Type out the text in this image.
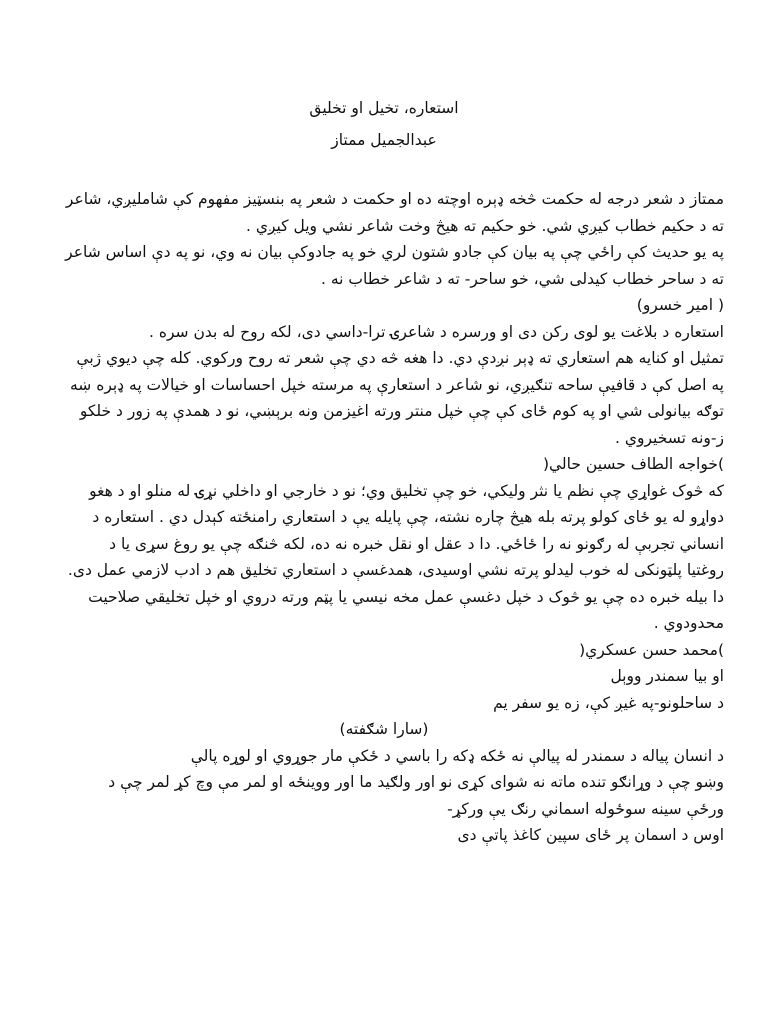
استعاره، تخیل او تخلیق

عبدالجمیل ممتاز

ممتاز د شعر درجه له حکمت څخه ډېره اوچته ده او حکمت د شعر په بنسټيز مفهوم کې شامليږي، شاعر

ته د حکيم خطاب کيږي شي. خو حکيم ته هيڅ وخت شاعر نشي ويل کيږي .

په يو حديث کې راځي چې په بيان کې جادو شتون لري خو په جادوکې بيان نه وي، نو په دې اساس شاعر

ته د ساحر خطاب کيدلی شي، خو ساحر- ته د شاعر خطاب نه .

( امير خسرو)

استعاره د بلاغت يو لوی رکن دی او ورسره د شاعرۍ ترا-داسي دی، لکه روح له بدن سره .

تمثيل او کنايه هم استعاري ته ډېر نږدې دي. دا هغه څه دي چې شعر ته روح ورکوي. کله چې ديوي ژبې

په اصل کې د قافيې ساحه تنګيږي، نو شاعر د استعارې په مرسته خپل احساسات او خيالات په ډېره ښه

توګه بيانولی شي او په کوم ځای کې چې خپل منتر ورته اغيزمن ونه برېښي، نو د همدې په زور د خلکو

ز-ونه تسخيروي .

)خواجه الطاف حسين حالي(

که څوک غواړي چې نظم يا نثر وليکي، خو چې تخليق وي؛ نو د خارجي او داخلي نړۍ له منلو او د هغو

دواړو له يو ځای کولو پرته بله هيڅ چاره نشته، چې پايله يې د استعاري رامنځته کېدل دي . استعاره د

انساني تجربې له رګونو نه را ځاځي. دا د عقل او نقل خبره نه ده، لکه څنګه چې يو روغ سړی يا د

روغتيا پلټونکی له خوب ليدلو پرته نشي اوسيدی، همدغسې د استعاري تخليق هم د ادب لازمي عمل دی.

دا بيله خبره ده چې يو څوک د خپل دغسې عمل مخه نيسي يا پټم ورته دروي او خپل تخليقي صلاحيت

محدودوي .

)محمد حسن عسکري(

او بيا سمندر ووېل

د ساحلونو-په غيږ کې، زه يو سفر يم

(سارا شګفته)

د انسان پياله د سمندر له پيالې نه ځکه ډکه را باسي د ځکې مار جوړوي او لوړه پالې

وښو چې د وړانګو تنده ماته نه شوای کړی نو اور ولګيد ما اور ووينځه او لمر مې وچ کړ لمر چې د

ورځې سينه سوځوله اسماني رنګ يې ورکړ-

اوس د اسمان پر ځای سپين کاغذ پاتې دی
